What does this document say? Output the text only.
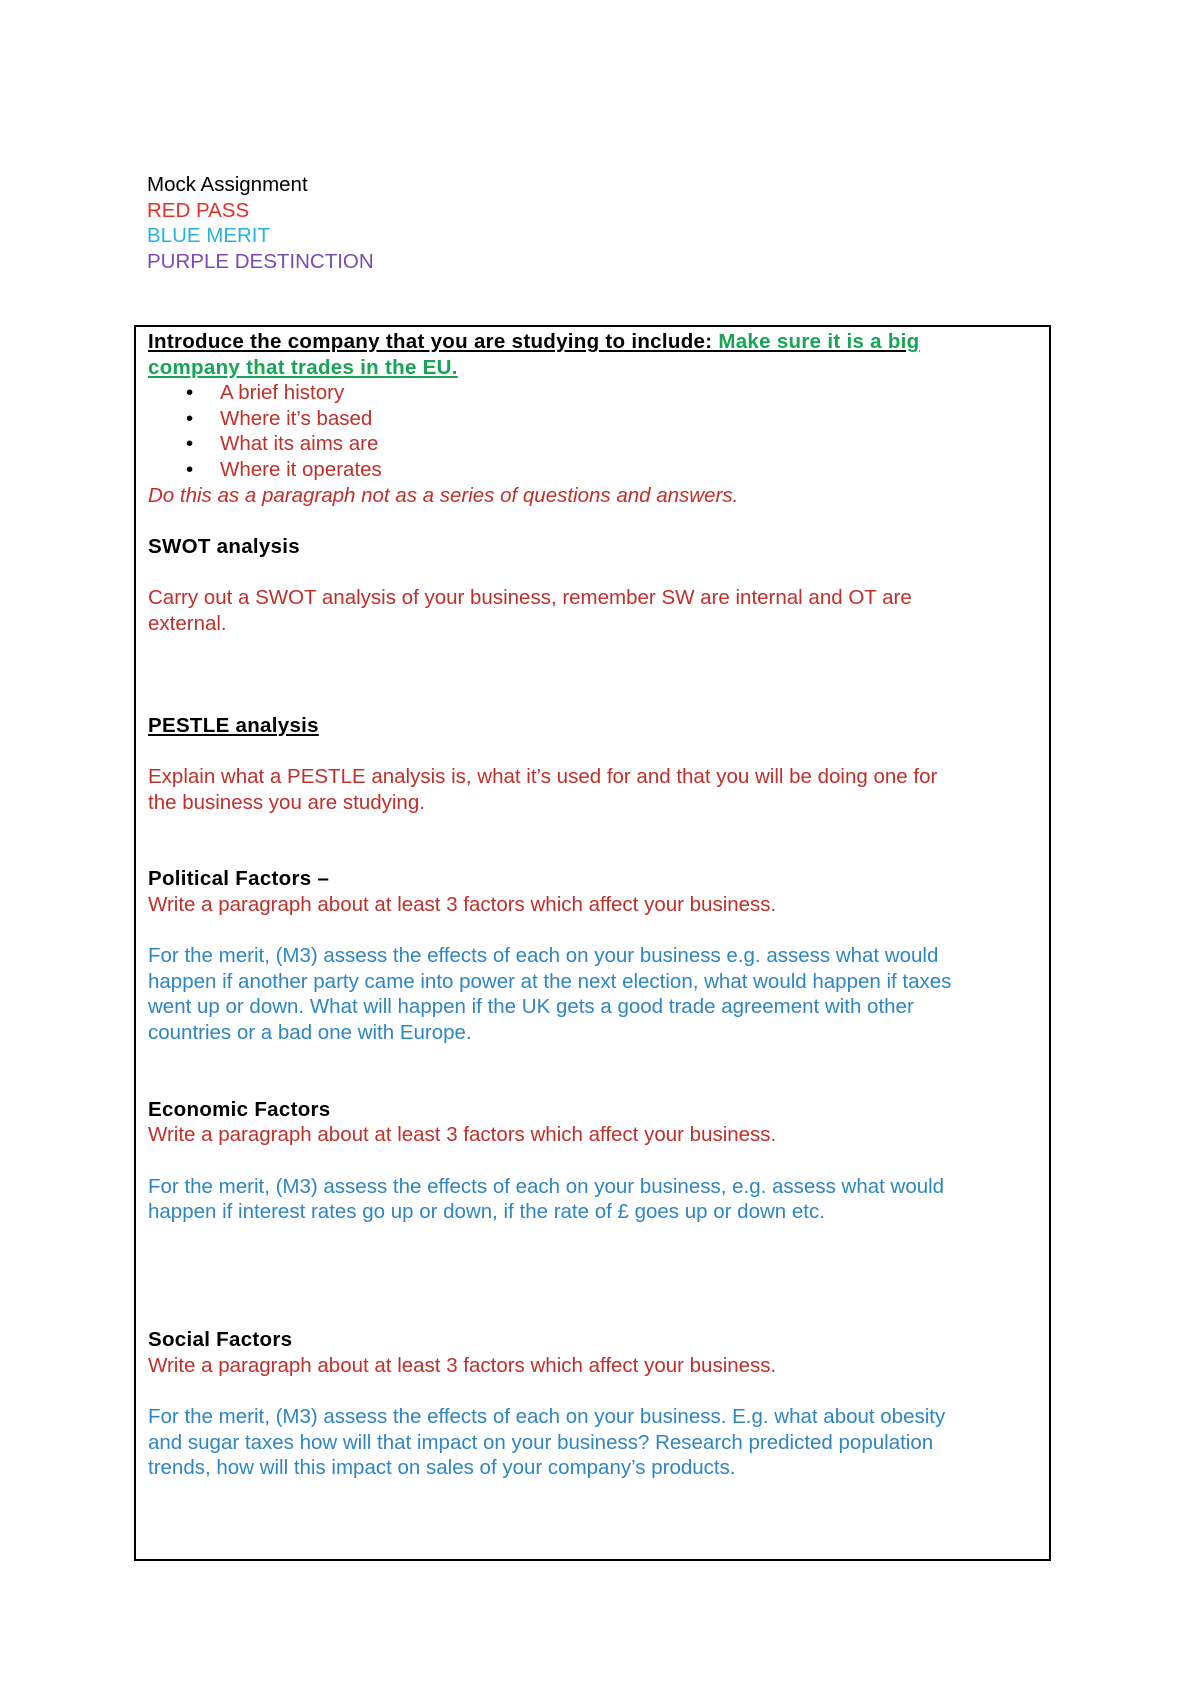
Mock Assignment
RED PASS
BLUE MERIT
PURPLE DESTINCTION
Introduce the company that you are studying to include: Make sure it is a big
company that trades in the EU.
• A brief history
• Where it’s based
• What its aims are
• Where it operates
Do this as a paragraph not as a series of questions and answers.
SWOT analysis
Carry out a SWOT analysis of your business, remember SW are internal and OT are
external.
PESTLE analysis
Explain what a PESTLE analysis is, what it’s used for and that you will be doing one for
the business you are studying.
Political Factors –
Write a paragraph about at least 3 factors which affect your business.
For the merit, (M3) assess the effects of each on your business e.g. assess what would
happen if another party came into power at the next election, what would happen if taxes
went up or down. What will happen if the UK gets a good trade agreement with other
countries or a bad one with Europe.
Economic Factors
Write a paragraph about at least 3 factors which affect your business.
For the merit, (M3) assess the effects of each on your business, e.g. assess what would
happen if interest rates go up or down, if the rate of £ goes up or down etc.
Social Factors
Write a paragraph about at least 3 factors which affect your business.
For the merit, (M3) assess the effects of each on your business. E.g. what about obesity
and sugar taxes how will that impact on your business? Research predicted population
trends, how will this impact on sales of your company’s products.
